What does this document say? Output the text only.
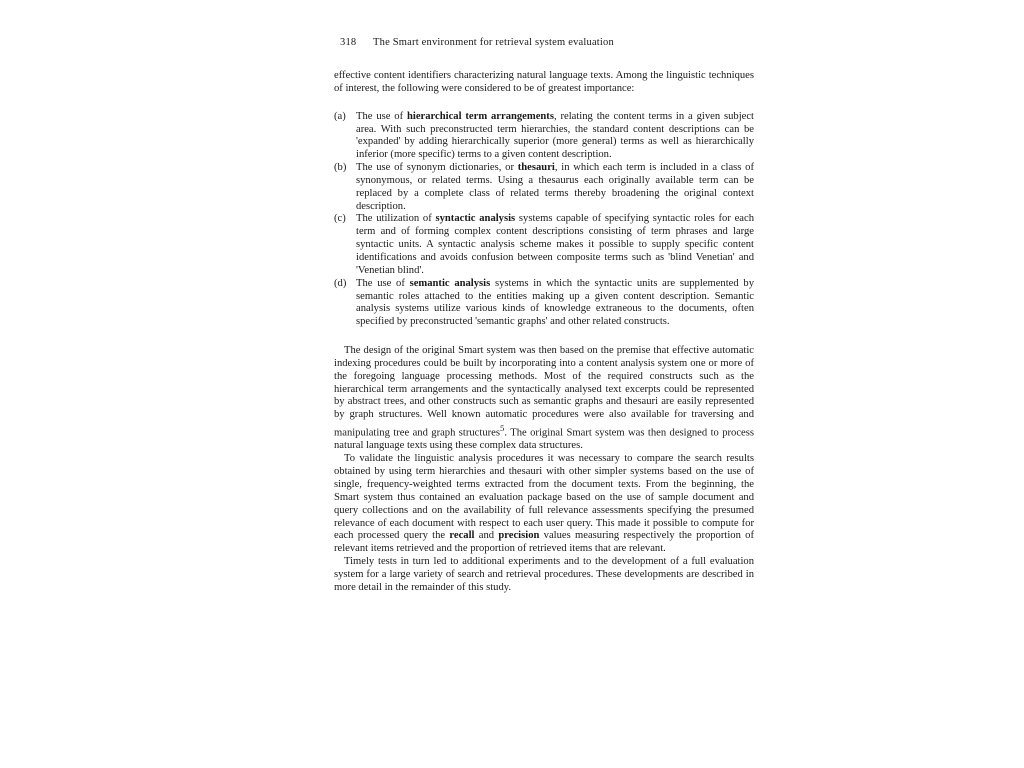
318 The Smart environment for retrieval system evaluation

effective content identifiers characterizing natural language texts. Among the linguistic techniques of interest, the following were considered to be of greatest importance:

(a) The use of hierarchical term arrangements, relating the content terms in a given subject area. With such preconstructed term hierarchies, the standard content descriptions can be 'expanded' by adding hierarchically superior (more general) terms as well as hierarchically inferior (more specific) terms to a given content description.
(b) The use of synonym dictionaries, or thesauri, in which each term is included in a class of synonymous, or related terms. Using a thesaurus each originally available term can be replaced by a complete class of related terms thereby broadening the original context description.
(c) The utilization of syntactic analysis systems capable of specifying syntactic roles for each term and of forming complex content descriptions consisting of term phrases and large syntactic units. A syntactic analysis scheme makes it possible to supply specific content identifications and avoids confusion between composite terms such as 'blind Venetian' and 'Venetian blind'.
(d) The use of semantic analysis systems in which the syntactic units are supplemented by semantic roles attached to the entities making up a given content description. Semantic analysis systems utilize various kinds of knowledge extraneous to the documents, often specified by preconstructed 'semantic graphs' and other related constructs.

The design of the original Smart system was then based on the premise that effective automatic indexing procedures could be built by incorporating into a content analysis system one or more of the foregoing language processing methods. Most of the required constructs such as the hierarchical term arrangements and the syntactically analysed text excerpts could be represented by abstract trees, and other constructs such as semantic graphs and thesauri are easily represented by graph structures. Well known automatic procedures were also available for traversing and manipulating tree and graph structures$^5$. The original Smart system was then designed to process natural language texts using these complex data structures.

To validate the linguistic analysis procedures it was necessary to compare the search results obtained by using term hierarchies and thesauri with other simpler systems based on the use of single, frequency-weighted terms extracted from the document texts. From the beginning, the Smart system thus contained an evaluation package based on the use of sample document and query collections and on the availability of full relevance assessments specifying the presumed relevance of each document with respect to each user query. This made it possible to compute for each processed query the recall and precision values measuring respectively the proportion of relevant items retrieved and the proportion of retrieved items that are relevant.

Timely tests in turn led to additional experiments and to the development of a full evaluation system for a large variety of search and retrieval procedures. These developments are described in more detail in the remainder of this study.
